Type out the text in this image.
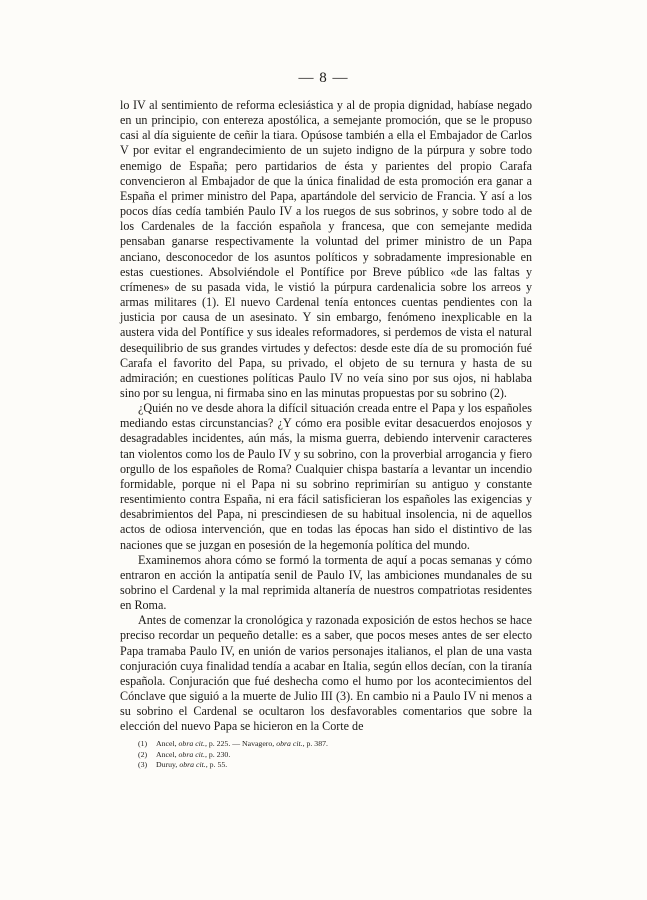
— 8 —

lo IV al sentimiento de reforma eclesiástica y al de propia dignidad, habíase negado en un principio, con entereza apostólica, a semejante promoción, que se le propuso casi al día siguiente de ceñir la tiara. Opúsose también a ella el Embajador de Carlos V por evitar el engrandecimiento de un sujeto indigno de la púrpura y sobre todo enemigo de España; pero partidarios de ésta y parientes del propio Carafa convencieron al Embajador de que la única finalidad de esta promoción era ganar a España el primer ministro del Papa, apartándole del servicio de Francia. Y así a los pocos días cedía también Paulo IV a los ruegos de sus sobrinos, y sobre todo al de los Cardenales de la facción española y francesa, que con semejante medida pensaban ganarse respectivamente la voluntad del primer ministro de un Papa anciano, desconocedor de los asuntos políticos y sobradamente impresionable en estas cuestiones. Absolviéndole el Pontífice por Breve público «de las faltas y crímenes» de su pasada vida, le vistió la púrpura cardenalicia sobre los arreos y armas militares (1). El nuevo Cardenal tenía entonces cuentas pendientes con la justicia por causa de un asesinato. Y sin embargo, fenómeno inexplicable en la austera vida del Pontífice y sus ideales reformadores, si perdemos de vista el natural desequilibrio de sus grandes virtudes y defectos: desde este día de su promoción fué Carafa el favorito del Papa, su privado, el objeto de su ternura y hasta de su admiración; en cuestiones políticas Paulo IV no veía sino por sus ojos, ni hablaba sino por su lengua, ni firmaba sino en las minutas propuestas por su sobrino (2).

¿Quién no ve desde ahora la difícil situación creada entre el Papa y los españoles mediando estas circunstancias? ¿Y cómo era posible evitar desacuerdos enojosos y desagradables incidentes, aún más, la misma guerra, debiendo intervenir caracteres tan violentos como los de Paulo IV y su sobrino, con la proverbial arrogancia y fiero orgullo de los españoles de Roma? Cualquier chispa bastaría a levantar un incendio formidable, porque ni el Papa ni su sobrino reprimirían su antiguo y constante resentimiento contra España, ni era fácil satisficieran los españoles las exigencias y desabrimientos del Papa, ni prescindiesen de su habitual insolencia, ni de aquellos actos de odiosa intervención, que en todas las épocas han sido el distintivo de las naciones que se juzgan en posesión de la hegemonía política del mundo.

Examinemos ahora cómo se formó la tormenta de aquí a pocas semanas y cómo entraron en acción la antipatía senil de Paulo IV, las ambiciones mundanales de su sobrino el Cardenal y la mal reprimida altanería de nuestros compatriotas residentes en Roma.

Antes de comenzar la cronológica y razonada exposición de estos hechos se hace preciso recordar un pequeño detalle: es a saber, que pocos meses antes de ser electo Papa tramaba Paulo IV, en unión de varios personajes italianos, el plan de una vasta conjuración cuya finalidad tendía a acabar en Italia, según ellos decían, con la tiranía española. Conjuración que fué deshecha como el humo por los acontecimientos del Cónclave que siguió a la muerte de Julio III (3). En cambio ni a Paulo IV ni menos a su sobrino el Cardenal se ocultaron los desfavorables comentarios que sobre la elección del nuevo Papa se hicieron en la Corte de

(1) Ancel, obra cit., p. 225. — Navagero, obra cit., p. 387.
(2) Ancel, obra cit., p. 230.
(3) Duruy, obra cit., p. 55.
